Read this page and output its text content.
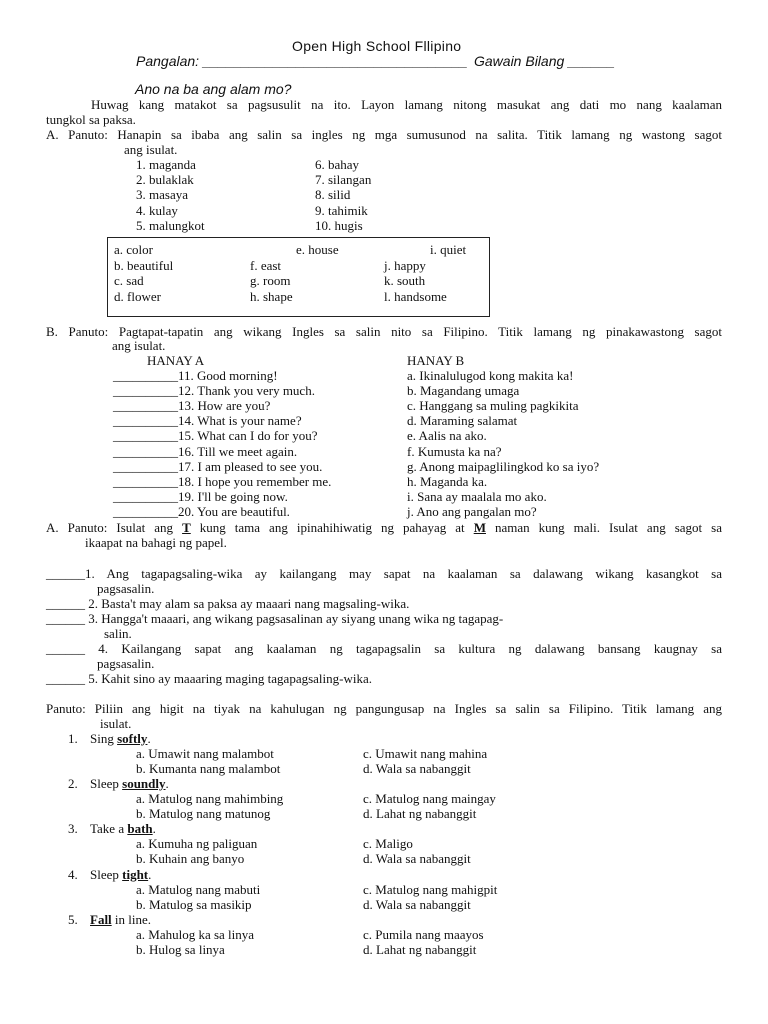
Open High School Fllipino
Pangalan: __________________________________ Gawain Bilang ______
Ano na ba ang alam mo?
Huwag kang matakot sa pagsusulit na ito. Layon lamang nitong masukat ang dati mo nang kaalaman
tungkol sa paksa.
A. Panuto: Hanapin sa ibaba ang salin sa ingles ng mga sumusunod na salita. Titik lamang ng wastong sagot
ang isulat.
1. maganda
2. bulaklak
3. masaya
4. kulay
5. malungkot
6. bahay
7. silangan
8. silid
9. tahimik
10. hugis
a. color	e. house	i. quiet
b. beautiful	f. east	j. happy
c. sad	g. room	k. south
d. flower	h. shape	l. handsome
B. Panuto: Pagtapat-tapatin ang wikang Ingles sa salin nito sa Filipino. Titik lamang ng pinakawastong sagot
ang isulat.
HANAY A	HANAY B
__________11. Good morning!	a. Ikinalulugod kong makita ka!
__________12. Thank you very much.	b. Magandang umaga
__________13. How are you?	c. Hanggang sa muling pagkikita
__________14. What is your name?	d. Maraming salamat
__________15. What can I do for you?	e. Aalis na ako.
__________16. Till we meet again.	f. Kumusta ka na?
__________17. I am pleased to see you.	g. Anong maipaglilingkod ko sa iyo?
__________18. I hope you remember me.	h. Maganda ka.
__________19. I'll be going now.	i. Sana ay maalala mo ako.
__________20. You are beautiful.	j. Ano ang pangalan mo?
A. Panuto: Isulat ang T kung tama ang ipinahihiwatig ng pahayag at M naman kung mali. Isulat ang sagot sa
ikaapat na bahagi ng papel.
______1. Ang tagapagsaling-wika ay kailangang may sapat na kaalaman sa dalawang wikang kasangkot sa
pagsasalin.
______ 2. Basta't may alam sa paksa ay maaari nang magsaling-wika.
______ 3. Hangga't maaari, ang wikang pagsasalinan ay siyang unang wika ng tagapag-
salin.
______ 4. Kailangang sapat ang kaalaman ng tagapagsalin sa kultura ng dalawang bansang kaugnay sa
pagsasalin.
______ 5. Kahit sino ay maaaring maging tagapagsaling-wika.
Panuto: Piliin ang higit na tiyak na kahulugan ng pangungusap na Ingles sa salin sa Filipino. Titik lamang ang
isulat.
1. Sing softly.
a. Umawit nang malambot
b. Kumanta nang malambot
c. Umawit nang mahina
d. Wala sa nabanggit
2. Sleep soundly.
a. Matulog nang mahimbing
b. Matulog nang matunog
c. Matulog nang maingay
d. Lahat ng nabanggit
3. Take a bath.
a. Kumuha ng paliguan
b. Kuhain ang banyo
c. Maligo
d. Wala sa nabanggit
4. Sleep tight.
a. Matulog nang mabuti
b. Matulog sa masikip
c. Matulog nang mahigpit
d. Wala sa nabanggit
5. Fall in line.
a. Mahulog ka sa linya
b. Hulog sa linya
c. Pumila nang maayos
d. Lahat ng nabanggit
